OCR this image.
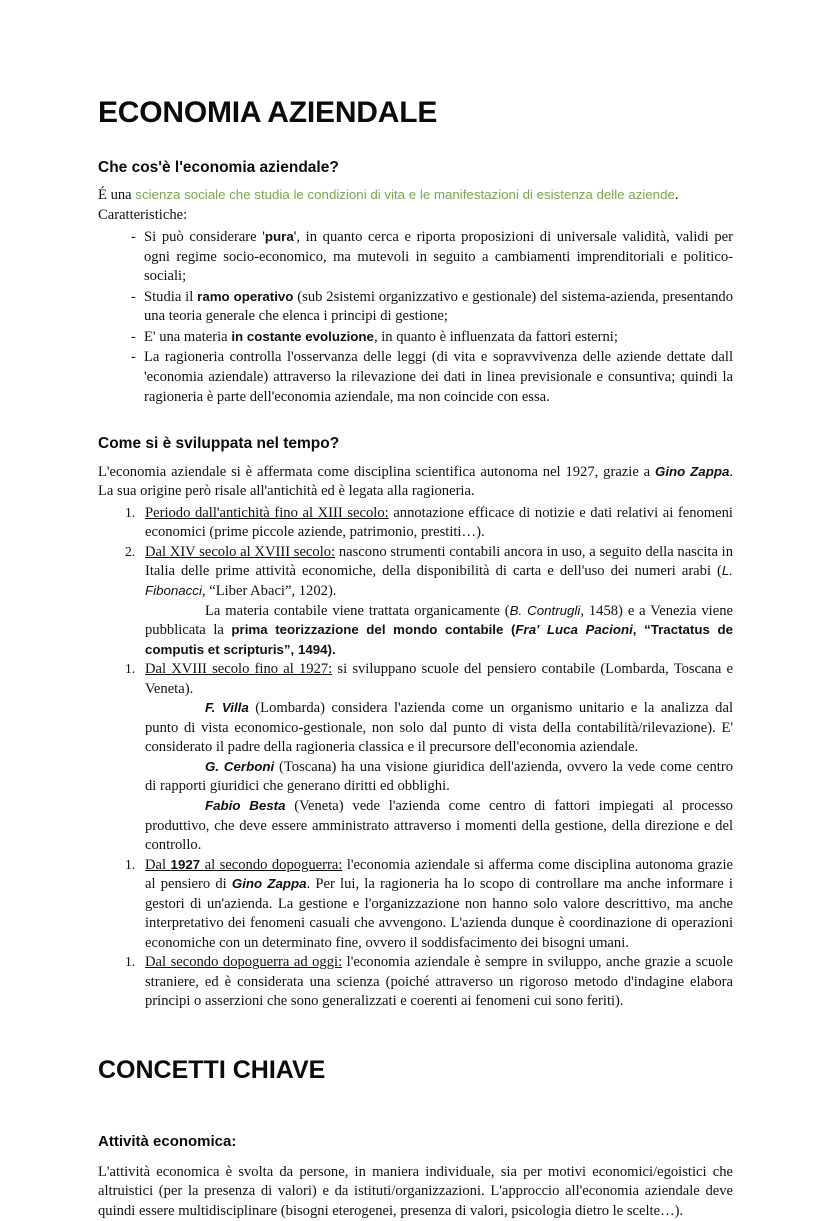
ECONOMIA AZIENDALE
Che cos'è l'economia aziendale?

É una scienza sociale che studia le condizioni di vita e le manifestazioni di esistenza delle aziende.
Caratteristiche:

- Si può considerare 'pura', in quanto cerca e riporta proposizioni di universale validità, validi per ogni regime socio-economico, ma mutevoli in seguito a cambiamenti imprenditoriali e politico-sociali;
- Studia il ramo operativo (sub 2sistemi organizzativo e gestionale) del sistema-azienda, presentando una teoria generale che elenca i principi di gestione;
- E' una materia in costante evoluzione, in quanto è influenzata da fattori esterni;
- La ragioneria controlla l'osservanza delle leggi (di vita e sopravvivenza delle aziende dettate dall 'economia aziendale) attraverso la rilevazione dei dati in linea previsionale e consuntiva; quindi la ragioneria è parte dell'economia aziendale, ma non coincide con essa.
Come si è sviluppata nel tempo?

L'economia aziendale si è affermata come disciplina scientifica autonoma nel 1927, grazie a Gino Zappa. La sua origine però risale all'antichità ed è legata alla ragioneria.

1. Periodo dall'antichità fino al XIII secolo: annotazione efficace di notizie e dati relativi ai fenomeni economici (prime piccole aziende, patrimonio, prestiti…).

2. Dal XIV secolo al XVIII secolo: nascono strumenti contabili ancora in uso, a seguito della nascita in Italia delle prime attività economiche, della disponibilità di carta e dell'uso dei numeri arabi (L. Fibonacci, “Liber Abaci”, 1202).

La materia contabile viene trattata organicamente (B. Contrugli, 1458) e a Venezia viene pubblicata la prima teorizzazione del mondo contabile (Fra' Luca Pacioni, “Tractatus de computis et scripturis”, 1494).

1. Dal XVIII secolo fino al 1927: si sviluppano scuole del pensiero contabile (Lombarda, Toscana e Veneta).

F. Villa (Lombarda) considera l'azienda come un organismo unitario e la analizza dal punto di vista economico-gestionale, non solo dal punto di vista della contabilità/rilevazione). E' considerato il padre della ragioneria classica e il precursore dell'economia aziendale.

G. Cerboni (Toscana) ha una visione giuridica dell'azienda, ovvero la vede come centro di rapporti giuridici che generano diritti ed obblighi.

Fabio Besta (Veneta) vede l'azienda come centro di fattori impiegati al processo produttivo, che deve essere amministrato attraverso i momenti della gestione, della direzione e del controllo.

1. Dal 1927 al secondo dopoguerra: l'economia aziendale si afferma come disciplina autonoma grazie al pensiero di Gino Zappa. Per lui, la ragioneria ha lo scopo di controllare ma anche informare i gestori di un'azienda. La gestione e l'organizzazione non hanno solo valore descrittivo, ma anche interpretativo dei fenomeni casuali che avvengono. L'azienda dunque è coordinazione di operazioni economiche con un determinato fine, ovvero il soddisfacimento dei bisogni umani.

1. Dal secondo dopoguerra ad oggi: l'economia aziendale è sempre in sviluppo, anche grazie a scuole straniere, ed è considerata una scienza (poiché attraverso un rigoroso metodo d'indagine elabora principi o asserzioni che sono generalizzati e coerenti ai fenomeni cui sono feriti).

CONCETTI CHIAVE
Attività economica:

L'attività economica è svolta da persone, in maniera individuale, sia per motivi economici/egoistici che altruistici (per la presenza di valori) e da istituti/organizzazioni. L'approccio all'economia aziendale deve quindi essere multidisciplinare (bisogni eterogenei, presenza di valori, psicologia dietro le scelte…).
